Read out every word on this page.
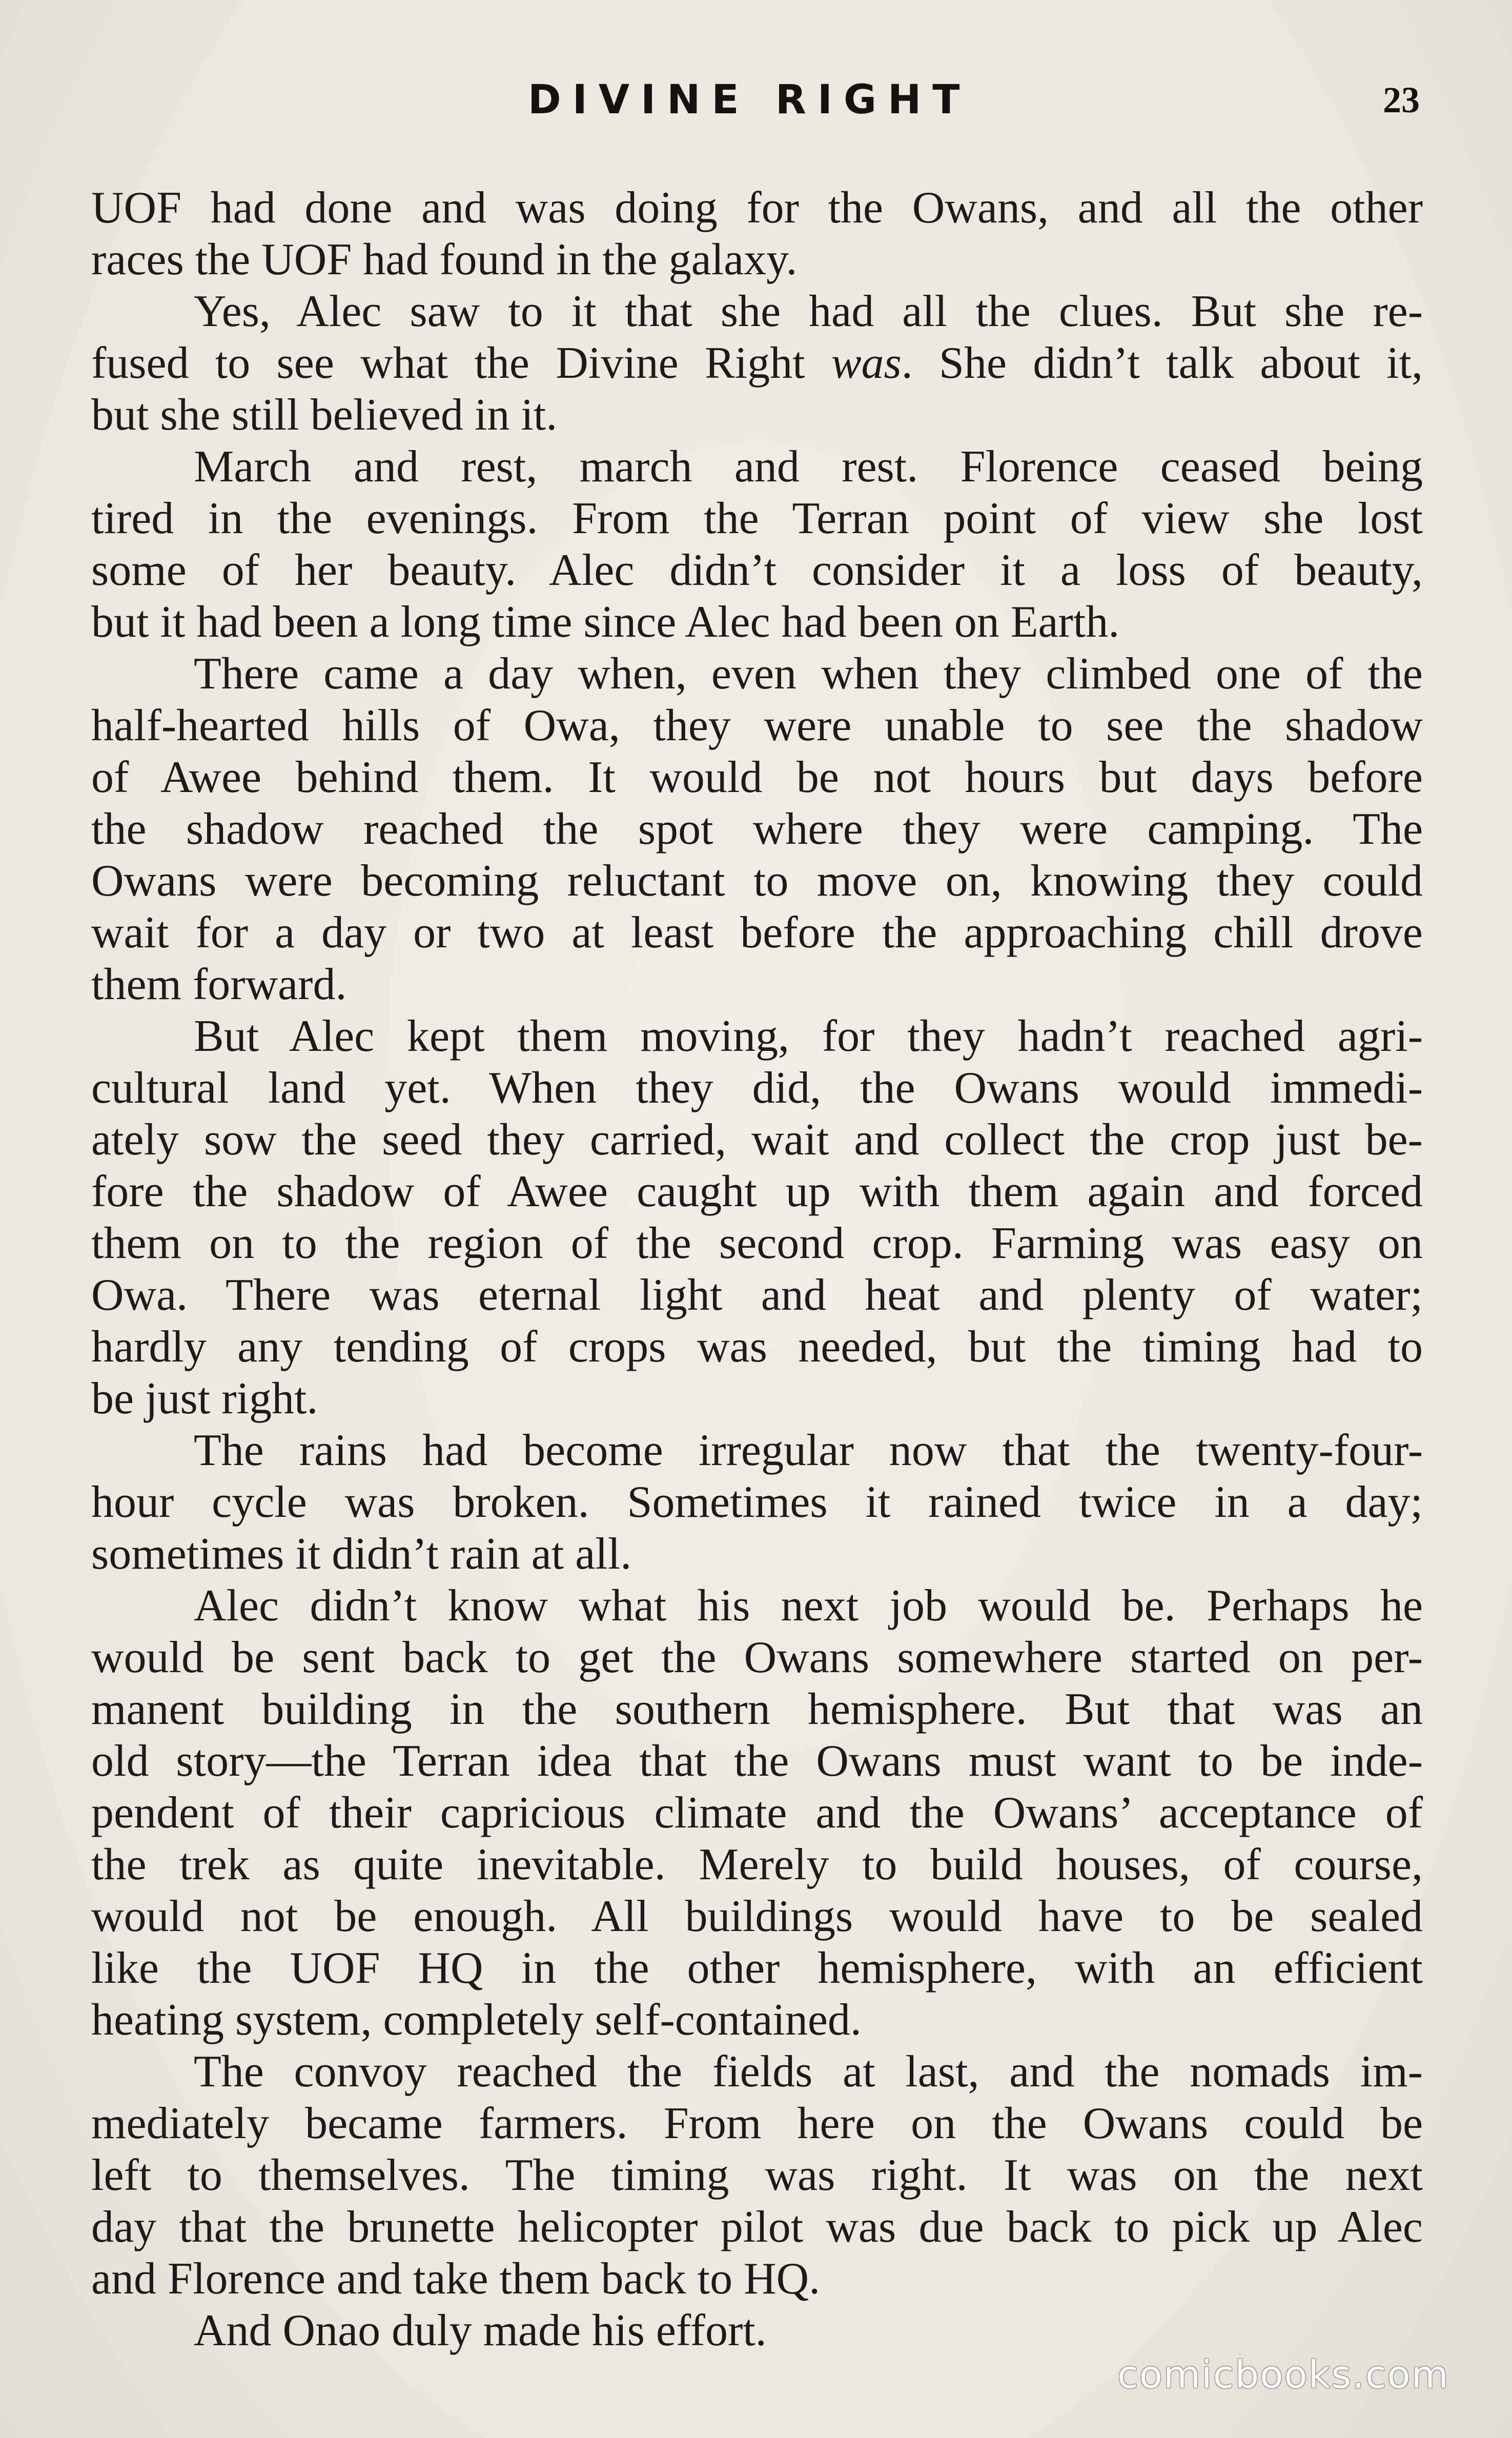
DIVINE RIGHT	23
UOF had done and was doing for the Owans, and all the other
races the UOF had found in the galaxy.
Yes, Alec saw to it that she had all the clues. But she re-
fused to see what the Divine Right was. She didn’t talk about it,
but she still believed in it.
March and rest, march and rest. Florence ceased being
tired in the evenings. From the Terran point of view she lost
some of her beauty. Alec didn’t consider it a loss of beauty,
but it had been a long time since Alec had been on Earth.
There came a day when, even when they climbed one of the
half-hearted hills of Owa, they were unable to see the shadow
of Awee behind them. It would be not hours but days before
the shadow reached the spot where they were camping. The
Owans were becoming reluctant to move on, knowing they could
wait for a day or two at least before the approaching chill drove
them forward.
But Alec kept them moving, for they hadn’t reached agri-
cultural land yet. When they did, the Owans would immedi-
ately sow the seed they carried, wait and collect the crop just be-
fore the shadow of Awee caught up with them again and forced
them on to the region of the second crop. Farming was easy on
Owa. There was eternal light and heat and plenty of water;
hardly any tending of crops was needed, but the timing had to
be just right.
The rains had become irregular now that the twenty-four-
hour cycle was broken. Sometimes it rained twice in a day;
sometimes it didn’t rain at all.
Alec didn’t know what his next job would be. Perhaps he
would be sent back to get the Owans somewhere started on per-
manent building in the southern hemisphere. But that was an
old story—the Terran idea that the Owans must want to be inde-
pendent of their capricious climate and the Owans’ acceptance of
the trek as quite inevitable. Merely to build houses, of course,
would not be enough. All buildings would have to be sealed
like the UOF HQ in the other hemisphere, with an efficient
heating system, completely self-contained.
The convoy reached the fields at last, and the nomads im-
mediately became farmers. From here on the Owans could be
left to themselves. The timing was right. It was on the next
day that the brunette helicopter pilot was due back to pick up Alec
and Florence and take them back to HQ.
And Onao duly made his effort.
comicbooks.com
